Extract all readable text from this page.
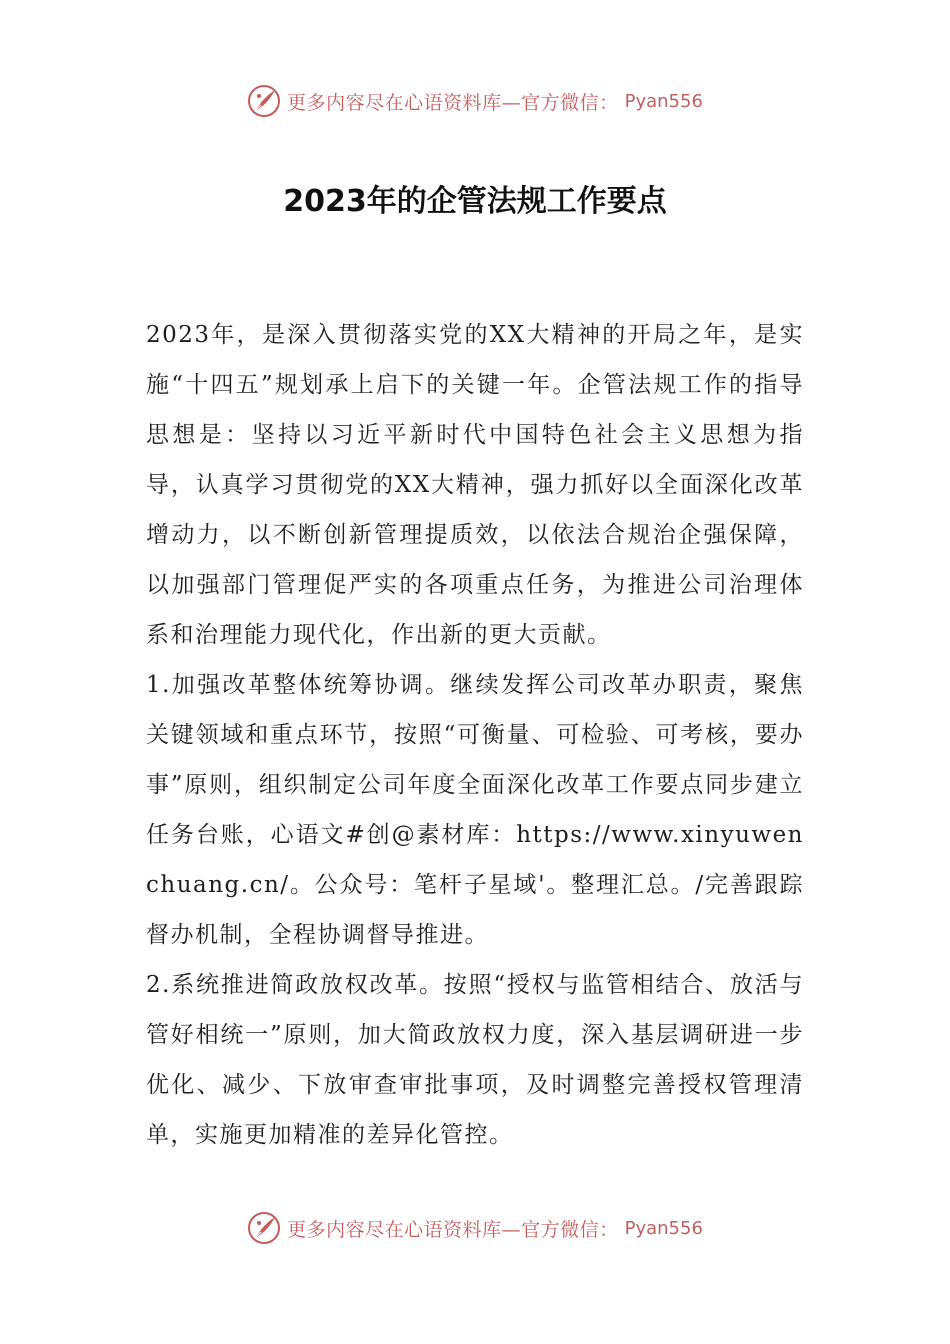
更多内容尽在心语资料库—官方微信： Pyan556
2023年的企管法规工作要点

2023年，是深入贯彻落实党的XX大精神的开局之年，是实施“十四五”规划承上启下的关键一年。企管法规工作的指导思想是：坚持以习近平新时代中国特色社会主义思想为指导，认真学习贯彻党的XX大精神，强力抓好以全面深化改革增动力，以不断创新管理提质效，以依法合规治企强保障，以加强部门管理促严实的各项重点任务，为推进公司治理体系和治理能力现代化，作出新的更大贡献。

1.加强改革整体统筹协调。继续发挥公司改革办职责，聚焦关键领域和重点环节，按照“可衡量、可检验、可考核，要办事”原则，组织制定公司年度全面深化改革工作要点同步建立任务台账，心语文#创@素材库：https://www.xinyuwenchuang.cn/。公众号：笔杆子星域'。整理汇总。/完善跟踪督办机制，全程协调督导推进。

2.系统推进简政放权改革。按照“授权与监管相结合、放活与管好相统一”原则，加大简政放权力度，深入基层调研进一步优化、减少、下放审查审批事项，及时调整完善授权管理清单，实施更加精准的差异化管控。

更多内容尽在心语资料库—官方微信： Pyan556
